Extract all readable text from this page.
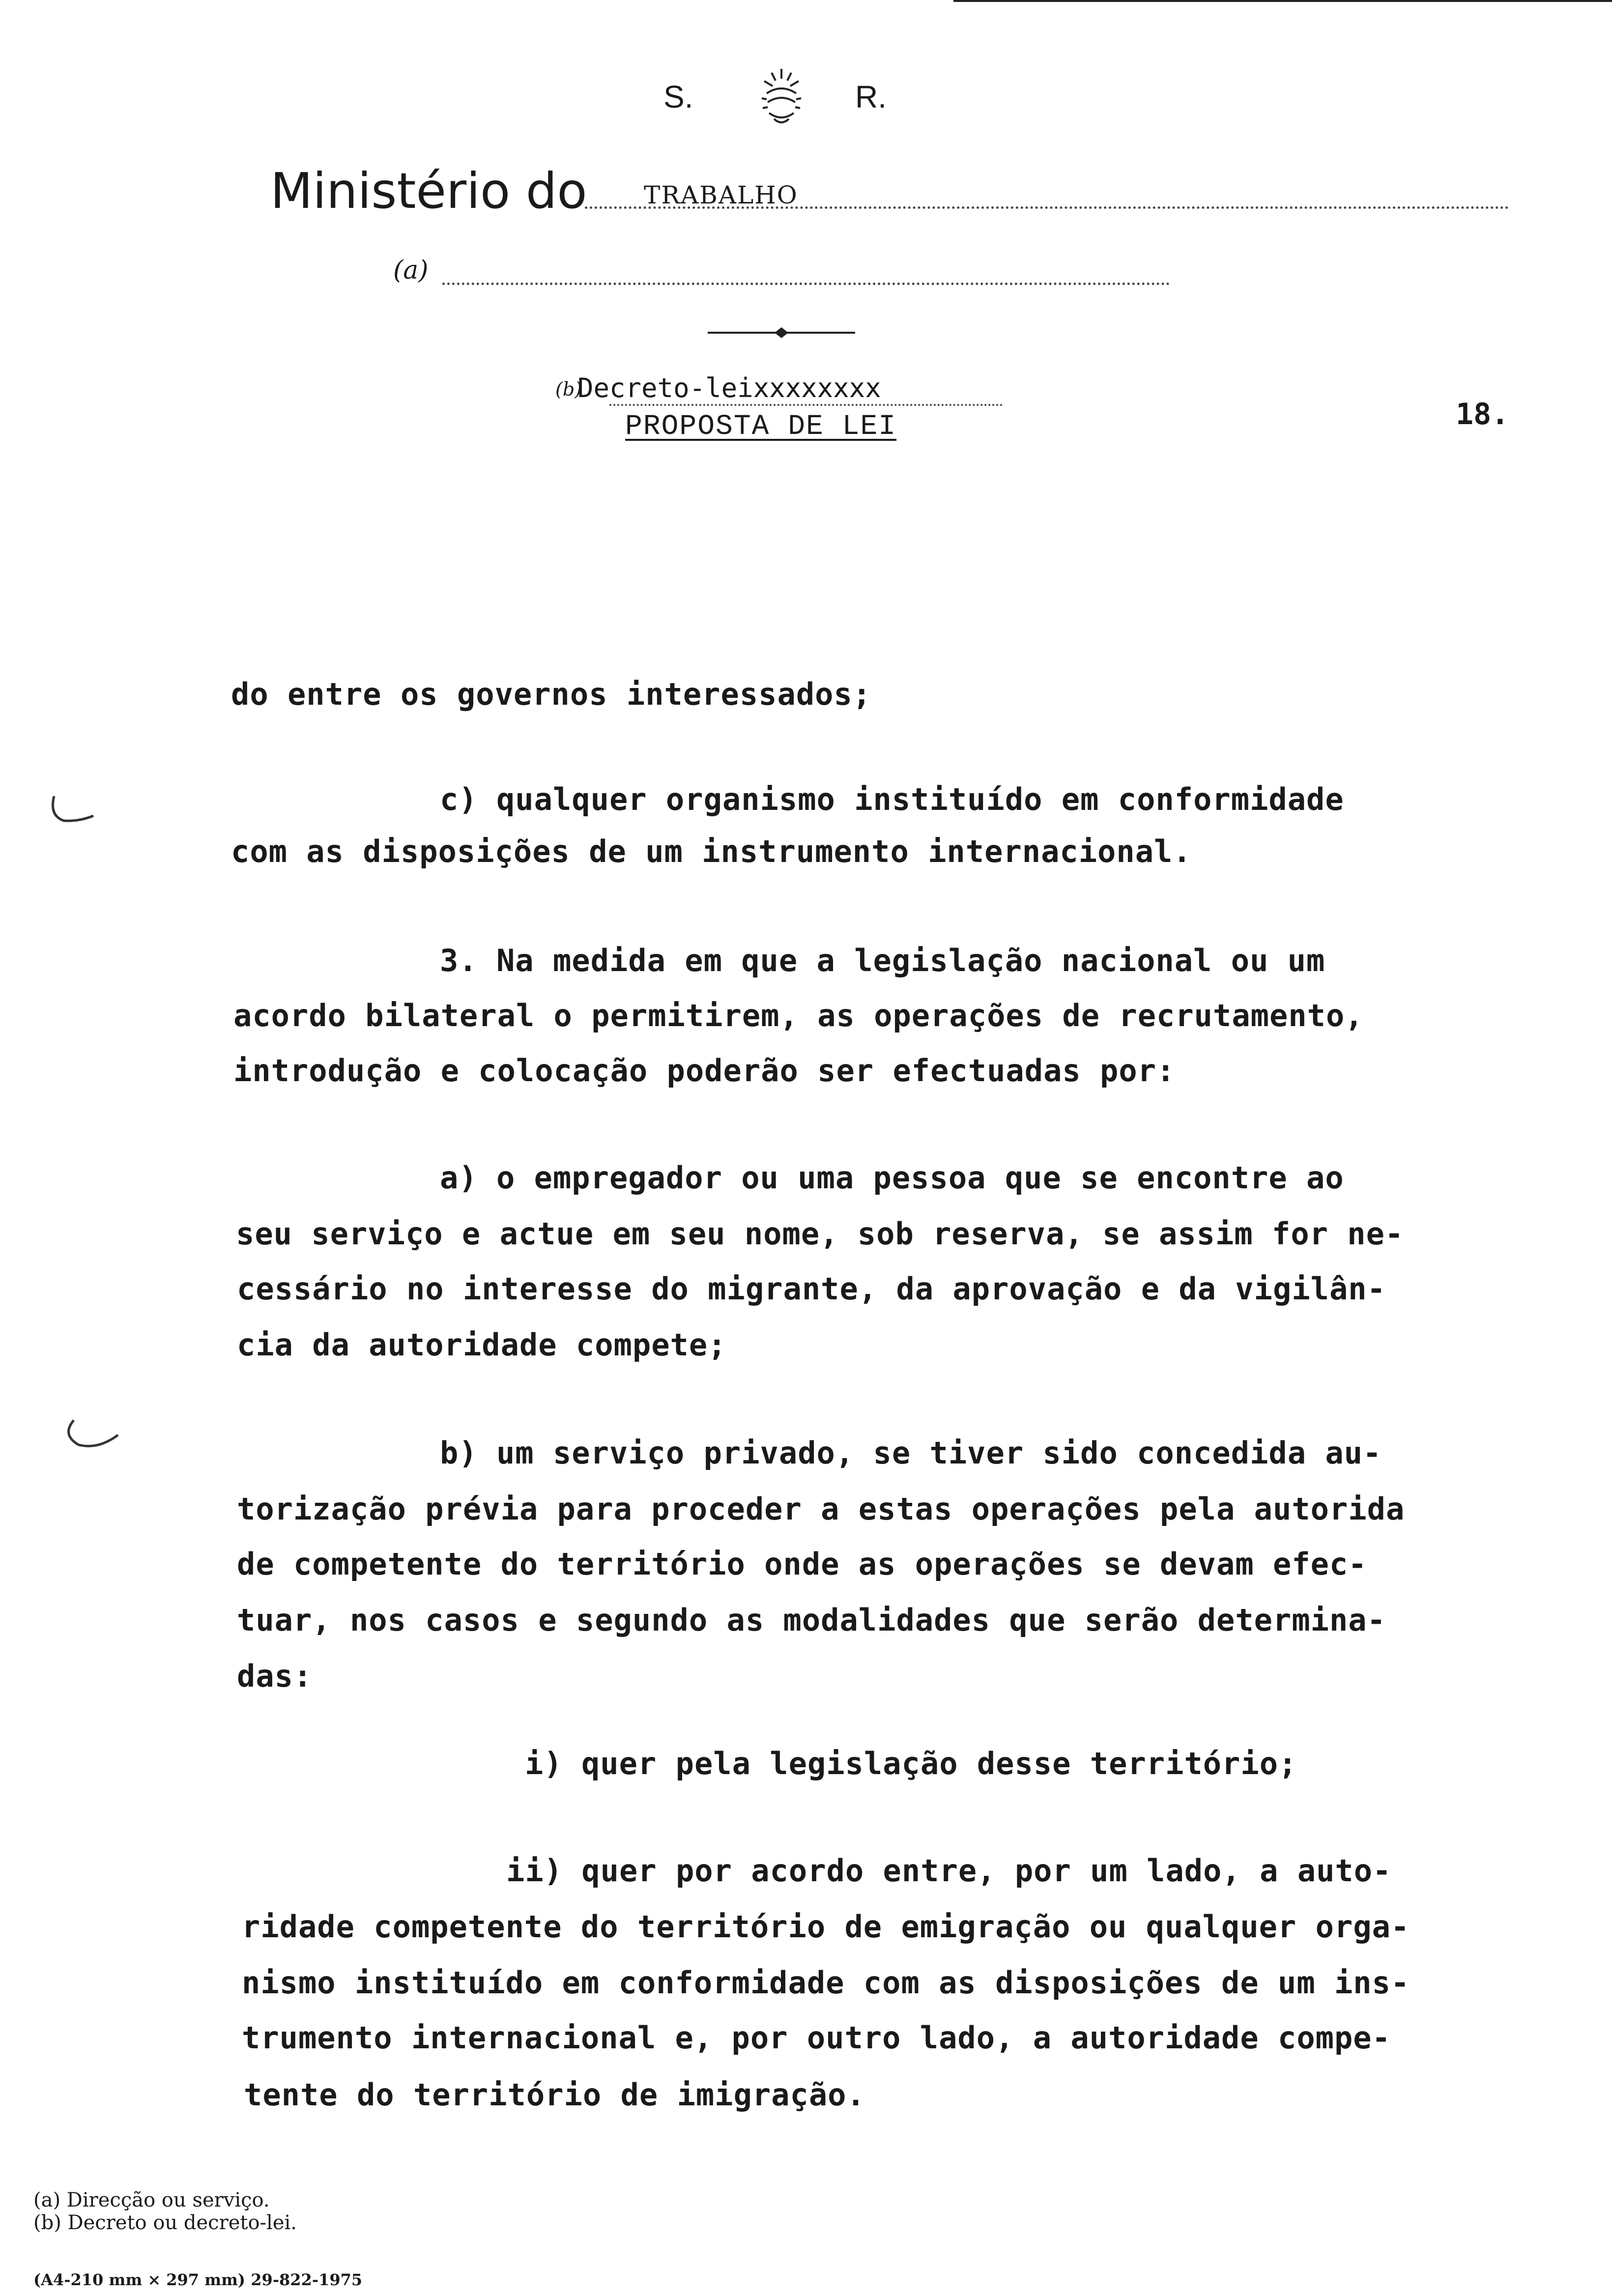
S.	R.
Ministério do TRABALHO
(a)
(b)
Decreto-leixxxxxxxx
PROPOSTA DE LEI	18.
do entre os governos interessados;
c) qualquer organismo instituído em conformidade
com as disposições de um instrumento internacional.
3. Na medida em que a legislação nacional ou um
acordo bilateral o permitirem, as operações de recrutamento,
introdução e colocação poderão ser efectuadas por:
a) o empregador ou uma pessoa que se encontre ao
seu serviço e actue em seu nome, sob reserva, se assim for ne-
cessário no interesse do migrante, da aprovação e da vigilân-
cia da autoridade compete;
b) um serviço privado, se tiver sido concedida au-
torização prévia para proceder a estas operações pela autorida
de competente do território onde as operações se devam efec-
tuar, nos casos e segundo as modalidades que serão determina-
das:
i) quer pela legislação desse território;
ii) quer por acordo entre, por um lado, a auto-
ridade competente do território de emigração ou qualquer orga-
nismo instituído em conformidade com as disposições de um ins-
trumento internacional e, por outro lado, a autoridade compe-
tente do território de imigração.
(a) Direcção ou serviço.
(b) Decreto ou decreto-lei.
(A4-210 mm × 297 mm) 29-822-1975
